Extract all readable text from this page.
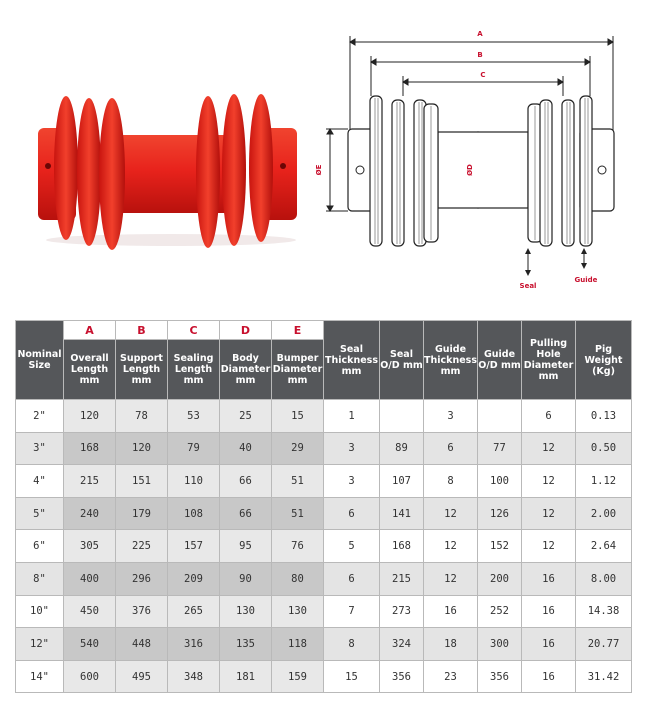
A
B
C
ØE	ØD
Seal
Guide
Nominal Size	A	B	C	D	E	Seal Thickness mm	Seal O/D mm	Guide Thickness mm	Guide O/D mm	Pulling Hole Diameter mm	Pig Weight (Kg)
	Overall Length mm	Support Length mm	Sealing Length mm	Body Diameter mm	Bumper Diameter mm						
2"	120	78	53	25	15	1		3		6	0.13
3"	168	120	79	40	29	3	89	6	77	12	0.50
4"	215	151	110	66	51	3	107	8	100	12	1.12
5"	240	179	108	66	51	6	141	12	126	12	2.00
6"	305	225	157	95	76	5	168	12	152	12	2.64
8"	400	296	209	90	80	6	215	12	200	16	8.00
10"	450	376	265	130	130	7	273	16	252	16	14.38
12"	540	448	316	135	118	8	324	18	300	16	20.77
14"	600	495	348	181	159	15	356	23	356	16	31.42
